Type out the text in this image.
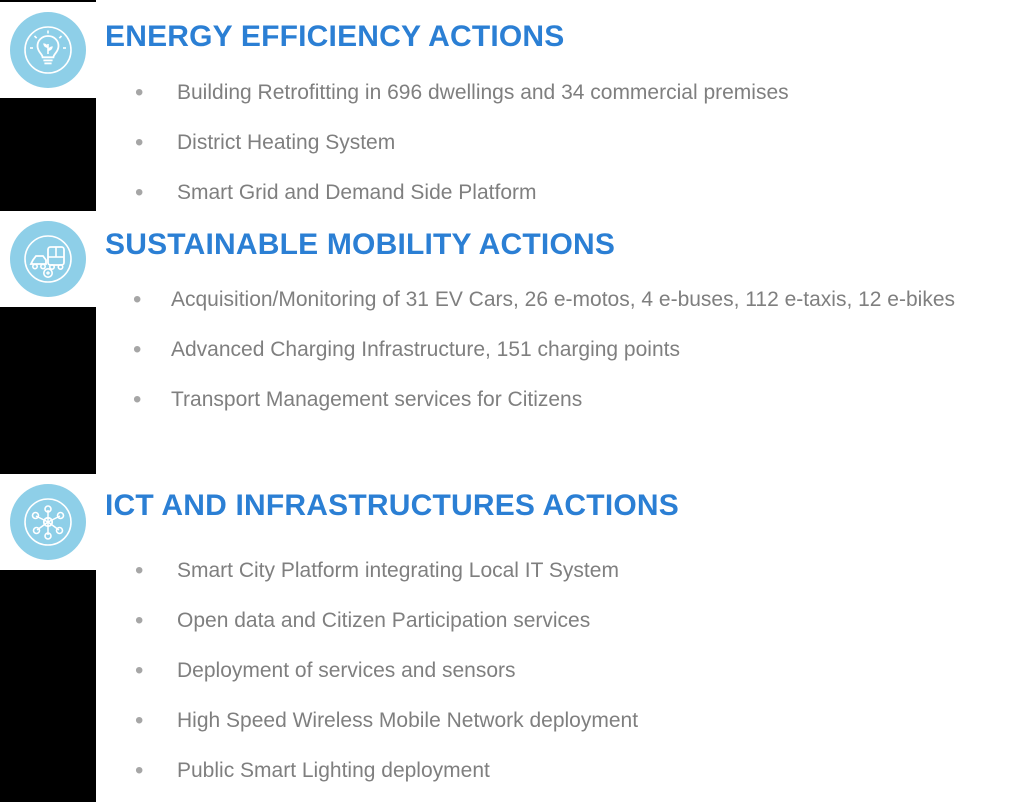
ENERGY EFFICIENCY ACTIONS
• Building Retrofitting in 696 dwellings and 34 commercial premises
• District Heating System
• Smart Grid and Demand Side Platform
SUSTAINABLE MOBILITY ACTIONS
• Acquisition/Monitoring of 31 EV Cars, 26 e-motos, 4 e-buses, 112 e-taxis, 12 e-bikes
• Advanced Charging Infrastructure, 151 charging points
• Transport Management services for Citizens
ICT AND INFRASTRUCTURES ACTIONS
• Smart City Platform integrating Local IT System
• Open data and Citizen Participation services
• Deployment of services and sensors
• High Speed Wireless Mobile Network deployment
• Public Smart Lighting deployment
